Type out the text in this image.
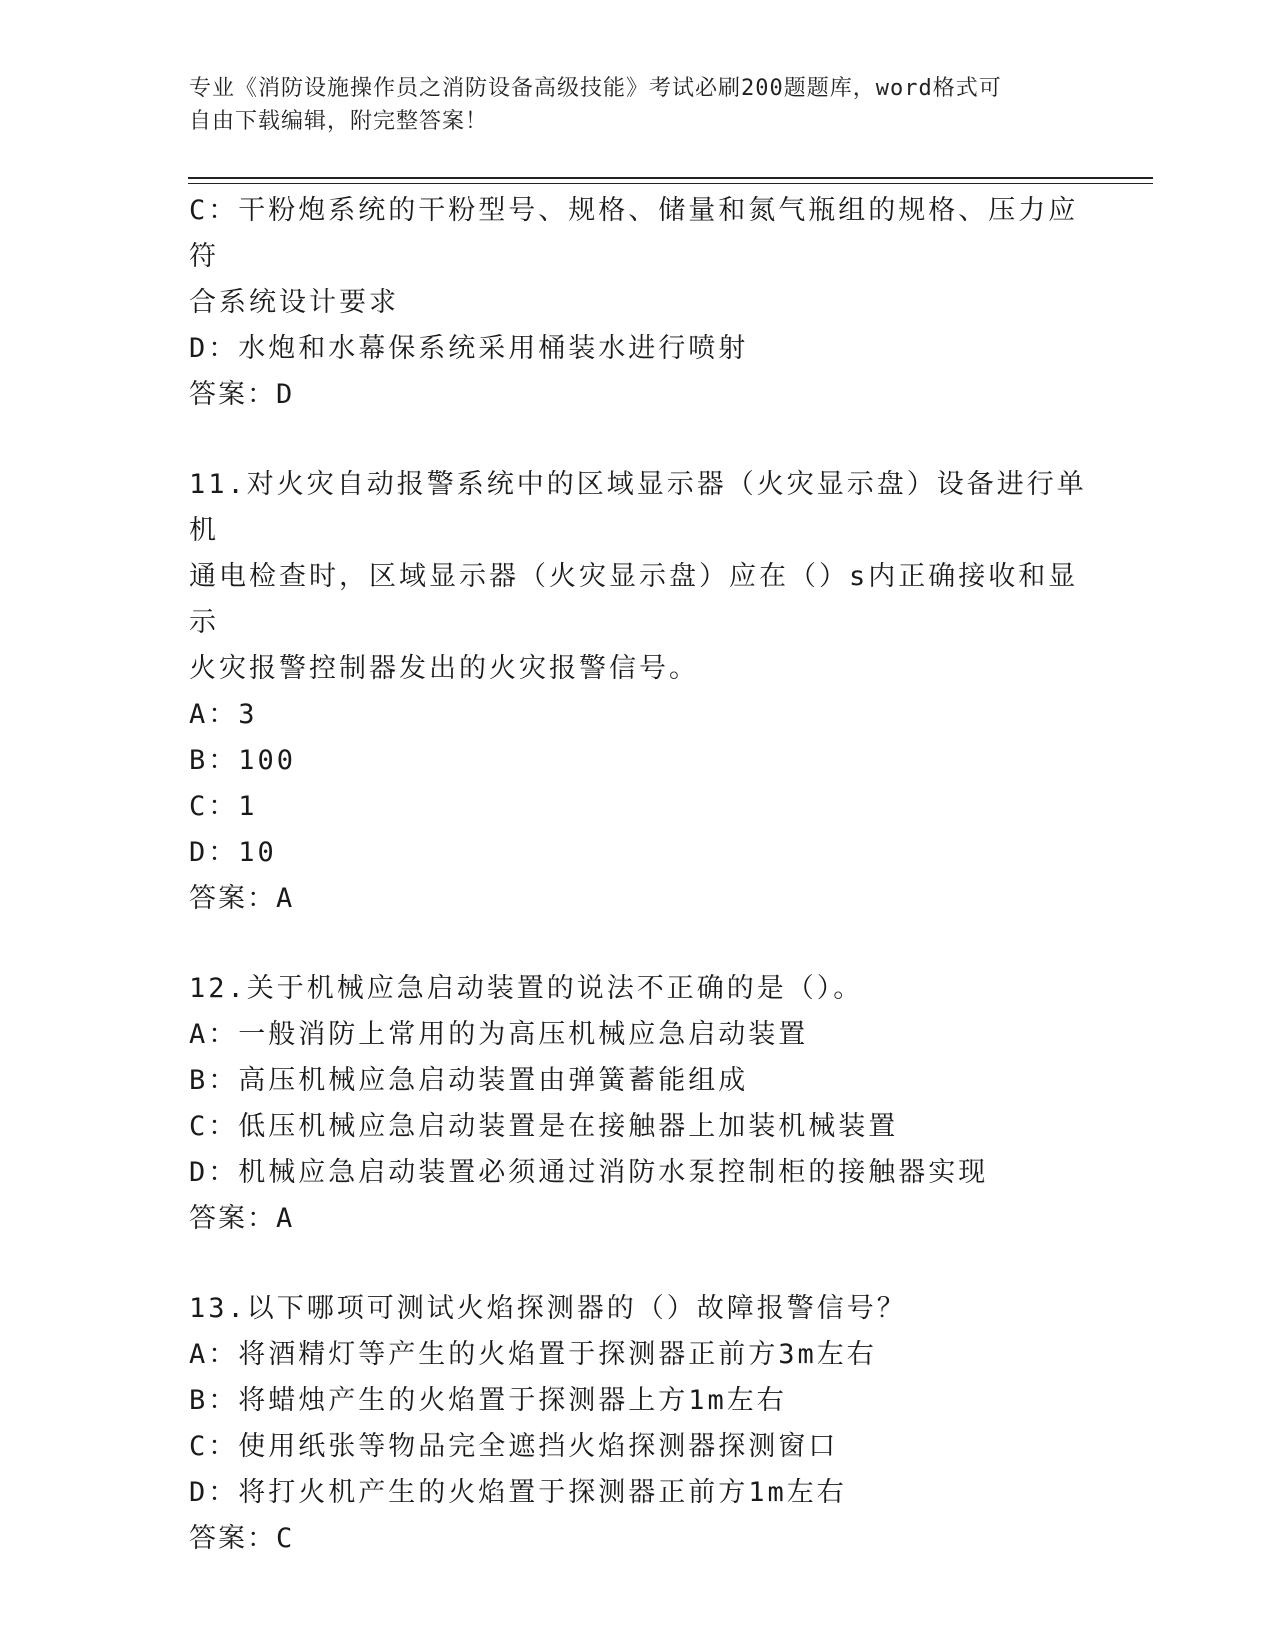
专业《消防设施操作员之消防设备高级技能》考试必刷200题题库，word格式可
自由下载编辑，附完整答案！

C：干粉炮系统的干粉型号、规格、储量和氮气瓶组的规格、压力应符

合系统设计要求

D：水炮和水幕保系统采用桶装水进行喷射

答案：D

11.对火灾自动报警系统中的区域显示器（火灾显示盘）设备进行单机

通电检查时，区域显示器（火灾显示盘）应在（）s内正确接收和显示

火灾报警控制器发出的火灾报警信号。

A：3

B：100

C：1

D：10

答案：A

12.关于机械应急启动装置的说法不正确的是（）。

A：一般消防上常用的为高压机械应急启动装置

B：高压机械应急启动装置由弹簧蓄能组成

C：低压机械应急启动装置是在接触器上加装机械装置

D：机械应急启动装置必须通过消防水泵控制柜的接触器实现

答案：A

13.以下哪项可测试火焰探测器的（）故障报警信号？

A：将酒精灯等产生的火焰置于探测器正前方3m左右

B：将蜡烛产生的火焰置于探测器上方1m左右

C：使用纸张等物品完全遮挡火焰探测器探测窗口

D：将打火机产生的火焰置于探测器正前方1m左右

答案：C
